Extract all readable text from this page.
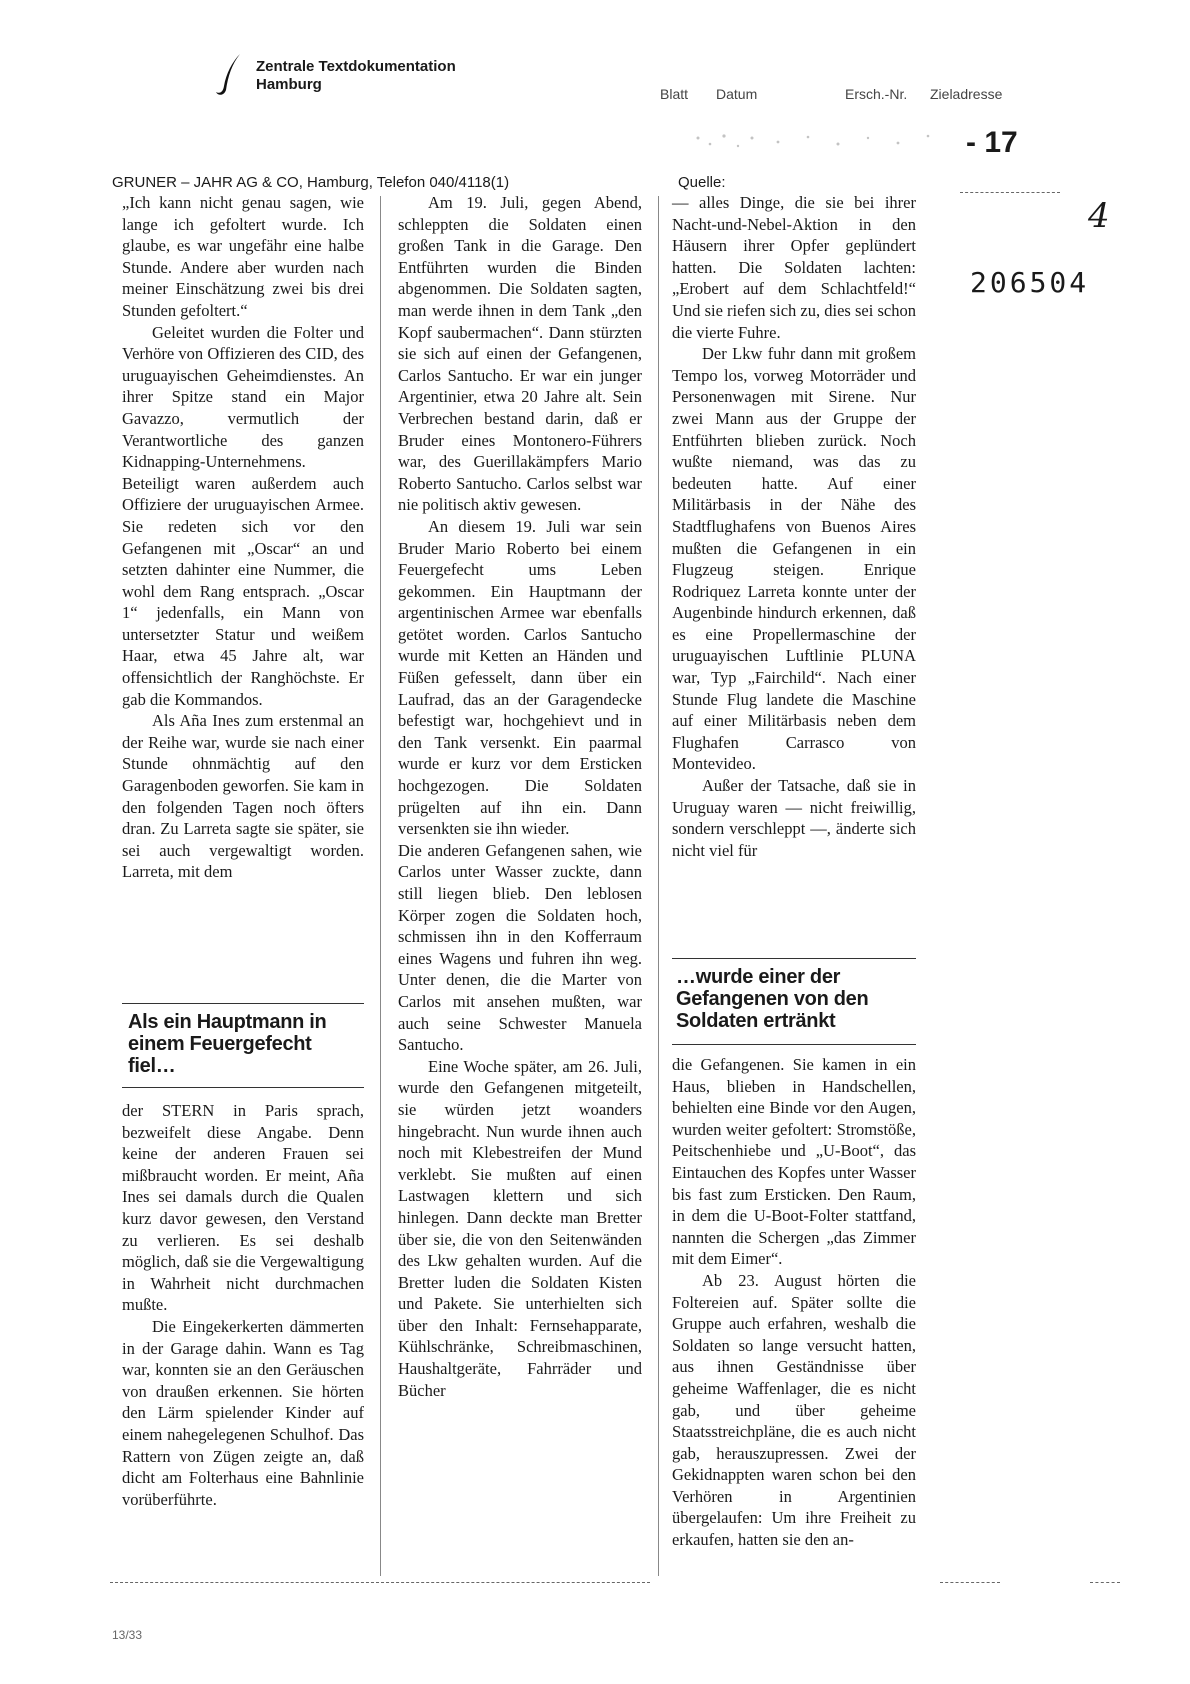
Zentrale Textdokumentation
Hamburg
Blatt Datum	Ersch.-Nr. Zieladresse
- 17
GRUNER – JAHR AG & CO, Hamburg, Telefon 040/4118(1)	Quelle:
4
206504

„Ich kann nicht genau sagen, wie lange ich gefoltert wurde. Ich glaube, es war ungefähr eine halbe Stunde. Andere aber wurden nach meiner Einschätzung zwei bis drei Stunden gefoltert.“

Geleitet wurden die Folter und Verhöre von Offizieren des CID, des uruguayischen Geheimdienstes. An ihrer Spitze stand ein Major Gavazzo, vermutlich der Verantwortliche des ganzen Kidnapping-Unternehmens. Beteiligt waren außerdem auch Offiziere der uruguayischen Armee. Sie redeten sich vor den Gefangenen mit „Oscar“ an und setzten dahinter eine Nummer, die wohl dem Rang entsprach. „Oscar 1“ jedenfalls, ein Mann von untersetzter Statur und weißem Haar, etwa 45 Jahre alt, war offensichtlich der Ranghöchste. Er gab die Kommandos.

Als Aña Ines zum erstenmal an der Reihe war, wurde sie nach einer Stunde ohnmächtig auf den Garagenboden geworfen. Sie kam in den folgenden Tagen noch öfters dran. Zu Larreta sagte sie später, sie sei auch vergewaltigt worden. Larreta, mit dem

Als ein Hauptmann in einem Feuergefecht fiel…

der STERN in Paris sprach, bezweifelt diese Angabe. Denn keine der anderen Frauen sei mißbraucht worden. Er meint, Aña Ines sei damals durch die Qualen kurz davor gewesen, den Verstand zu verlieren. Es sei deshalb möglich, daß sie die Vergewaltigung in Wahrheit nicht durchmachen mußte.

Die Eingekerkerten dämmerten in der Garage dahin. Wann es Tag war, konnten sie an den Geräuschen von draußen erkennen. Sie hörten den Lärm spielender Kinder auf einem nahegelegenen Schulhof. Das Rattern von Zügen zeigte an, daß dicht am Folterhaus eine Bahnlinie vorüberführte.

Am 19. Juli, gegen Abend, schleppten die Soldaten einen großen Tank in die Garage. Den Entführten wurden die Binden abgenommen. Die Soldaten sagten, man werde ihnen in dem Tank „den Kopf saubermachen“. Dann stürzten sie sich auf einen der Gefangenen, Carlos Santucho. Er war ein junger Argentinier, etwa 20 Jahre alt. Sein Verbrechen bestand darin, daß er Bruder eines Montonero-Führers war, des Guerillakämpfers Mario Roberto Santucho. Carlos selbst war nie politisch aktiv gewesen.

An diesem 19. Juli war sein Bruder Mario Roberto bei einem Feuergefecht ums Leben gekommen. Ein Hauptmann der argentinischen Armee war ebenfalls getötet worden. Carlos Santucho wurde mit Ketten an Händen und Füßen gefesselt, dann über ein Laufrad, das an der Garagendecke befestigt war, hochgehievt und in den Tank versenkt. Ein paarmal wurde er kurz vor dem Ersticken hochgezogen. Die Soldaten prügelten auf ihn ein. Dann versenkten sie ihn wieder.

Die anderen Gefangenen sahen, wie Carlos unter Wasser zuckte, dann still liegen blieb. Den leblosen Körper zogen die Soldaten hoch, schmissen ihn in den Kofferraum eines Wagens und fuhren ihn weg. Unter denen, die die Marter von Carlos mit ansehen mußten, war auch seine Schwester Manuela Santucho.

Eine Woche später, am 26. Juli, wurde den Gefangenen mitgeteilt, sie würden jetzt woanders hingebracht. Nun wurde ihnen auch noch mit Klebestreifen der Mund verklebt. Sie mußten auf einen Lastwagen klettern und sich hinlegen. Dann deckte man Bretter über sie, die von den Seitenwänden des Lkw gehalten wurden. Auf die Bretter luden die Soldaten Kisten und Pakete. Sie unterhielten sich über den Inhalt: Fernsehapparate, Kühlschränke, Schreibmaschinen, Haushaltgeräte, Fahrräder und Bücher

— alles Dinge, die sie bei ihrer Nacht-und-Nebel-Aktion in den Häusern ihrer Opfer geplündert hatten. Die Soldaten lachten: „Erobert auf dem Schlachtfeld!“ Und sie riefen sich zu, dies sei schon die vierte Fuhre.

Der Lkw fuhr dann mit großem Tempo los, vorweg Motorräder und Personenwagen mit Sirene. Nur zwei Mann aus der Gruppe der Entführten blieben zurück. Noch wußte niemand, was das zu bedeuten hatte. Auf einer Militärbasis in der Nähe des Stadtflughafens von Buenos Aires mußten die Gefangenen in ein Flugzeug steigen. Enrique Rodriquez Larreta konnte unter der Augenbinde hindurch erkennen, daß es eine Propellermaschine der uruguayischen Luftlinie PLUNA war, Typ „Fairchild“. Nach einer Stunde Flug landete die Maschine auf einer Militärbasis neben dem Flughafen Carrasco von Montevideo.

Außer der Tatsache, daß sie in Uruguay waren — nicht freiwillig, sondern verschleppt —, änderte sich nicht viel für

…wurde einer der Gefangenen von den Soldaten ertränkt

die Gefangenen. Sie kamen in ein Haus, blieben in Handschellen, behielten eine Binde vor den Augen, wurden weiter gefoltert: Stromstöße, Peitschenhiebe und „U-Boot“, das Eintauchen des Kopfes unter Wasser bis fast zum Ersticken. Den Raum, in dem die U-Boot-Folter stattfand, nannten die Schergen „das Zimmer mit dem Eimer“.

Ab 23. August hörten die Foltereien auf. Später sollte die Gruppe auch erfahren, weshalb die Soldaten so lange versucht hatten, aus ihnen Geständnisse über geheime Waffenlager, die es nicht gab, und über geheime Staatsstreichpläne, die es auch nicht gab, herauszupressen. Zwei der Gekidnappten waren schon bei den Verhören in Argentinien übergelaufen: Um ihre Freiheit zu erkaufen, hatten sie den an-

13/33
